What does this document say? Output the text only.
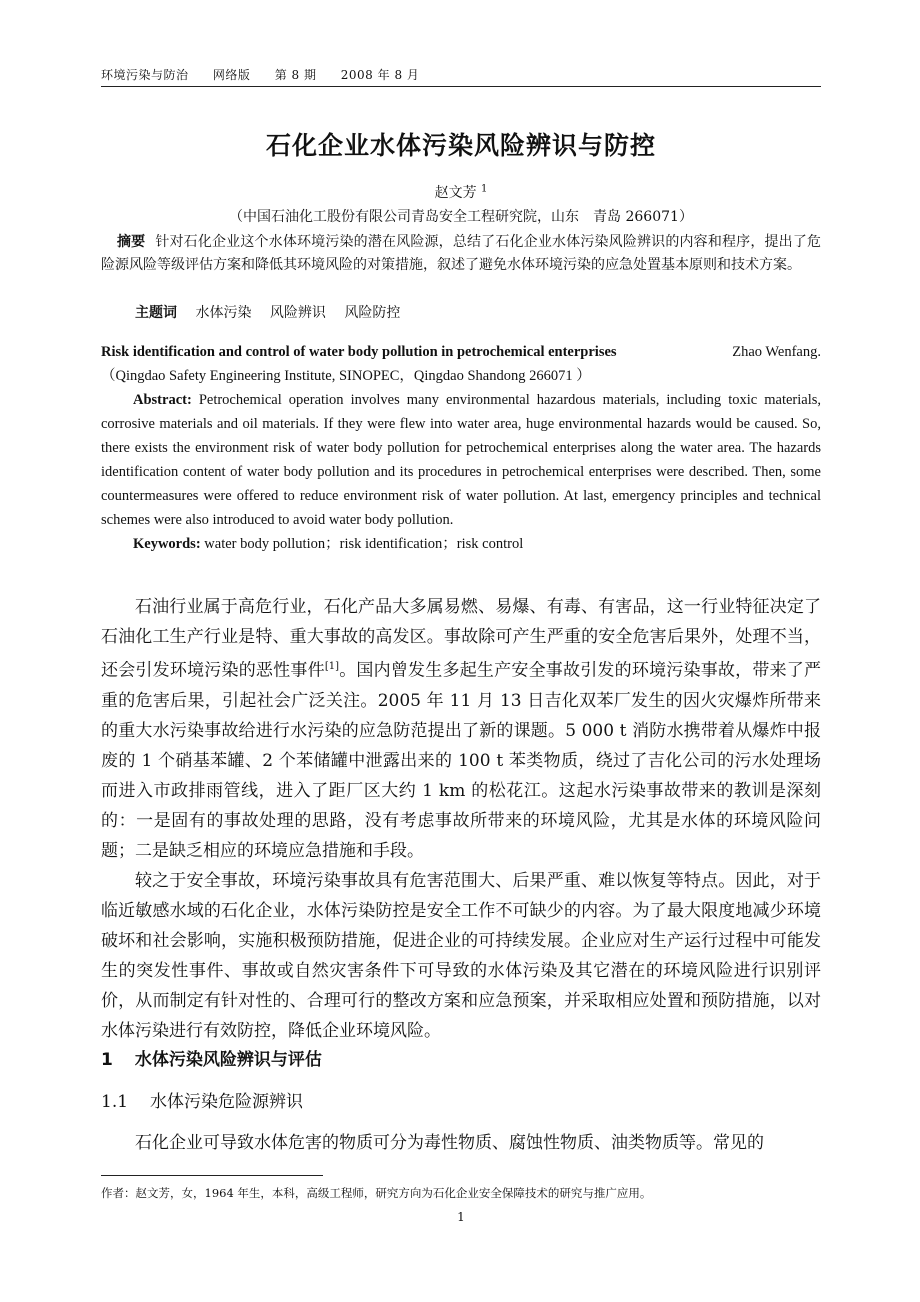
环境污染与防治 网络版 第 8 期 2008 年 8 月
石化企业水体污染风险辨识与防控
赵文芳 $^1$
（中国石油化工股份有限公司青岛安全工程研究院，山东　青岛 266071）
摘要 针对石化企业这个水体环境污染的潜在风险源，总结了石化企业水体污染风险辨识的内容和程序，提出了危险源风险等级评估方案和降低其环境风险的对策措施，叙述了避免水体环境污染的应急处置基本原则和技术方案。
主题词 水体污染 风险辨识 风险防控
Risk identification and control of water body pollution in petrochemical enterprises	Zhao Wenfang.
（Qingdao Safety Engineering Institute, SINOPEC，Qingdao Shandong 266071 ）

Abstract: Petrochemical operation involves many environmental hazardous materials, including toxic materials, corrosive materials and oil materials. If they were flew into water area, huge environmental hazards would be caused. So, there exists the environment risk of water body pollution for petrochemical enterprises along the water area. The hazards identification content of water body pollution and its procedures in petrochemical enterprises were described. Then, some countermeasures were offered to reduce environment risk of water pollution. At last, emergency principles and technical schemes were also introduced to avoid water body pollution.

Keywords: water body pollution；risk identification；risk control

石油行业属于高危行业，石化产品大多属易燃、易爆、有毒、有害品，这一行业特征决定了石油化工生产行业是特、重大事故的高发区。事故除可产生严重的安全危害后果外，处理不当，还会引发环境污染的恶性事件[1]。国内曾发生多起生产安全事故引发的环境污染事故，带来了严重的危害后果，引起社会广泛关注。2005 年 11 月 13 日吉化双苯厂发生的因火灾爆炸所带来的重大水污染事故给进行水污染的应急防范提出了新的课题。5 000 t 消防水携带着从爆炸中报废的 1 个硝基苯罐、2 个苯储罐中泄露出来的 100 t 苯类物质，绕过了吉化公司的污水处理场而进入市政排雨管线，进入了距厂区大约 1 km 的松花江。这起水污染事故带来的教训是深刻的：一是固有的事故处理的思路，没有考虑事故所带来的环境风险，尤其是水体的环境风险问题；二是缺乏相应的环境应急措施和手段。

较之于安全事故，环境污染事故具有危害范围大、后果严重、难以恢复等特点。因此，对于临近敏感水域的石化企业，水体污染防控是安全工作不可缺少的内容。为了最大限度地减少环境破坏和社会影响，实施积极预防措施，促进企业的可持续发展。企业应对生产运行过程中可能发生的突发性事件、事故或自然灾害条件下可导致的水体污染及其它潜在的环境风险进行识别评价，从而制定有针对性的、合理可行的整改方案和应急预案，并采取相应处置和预防措施，以对水体污染进行有效防控，降低企业环境风险。

1 水体污染风险辨识与评估
1.1 水体污染危险源辨识
石化企业可导致水体危害的物质可分为毒性物质、腐蚀性物质、油类物质等。常见的
作者：赵文芳，女，1964 年生，本科，高级工程师，研究方向为石化企业安全保障技术的研究与推广应用。
1
